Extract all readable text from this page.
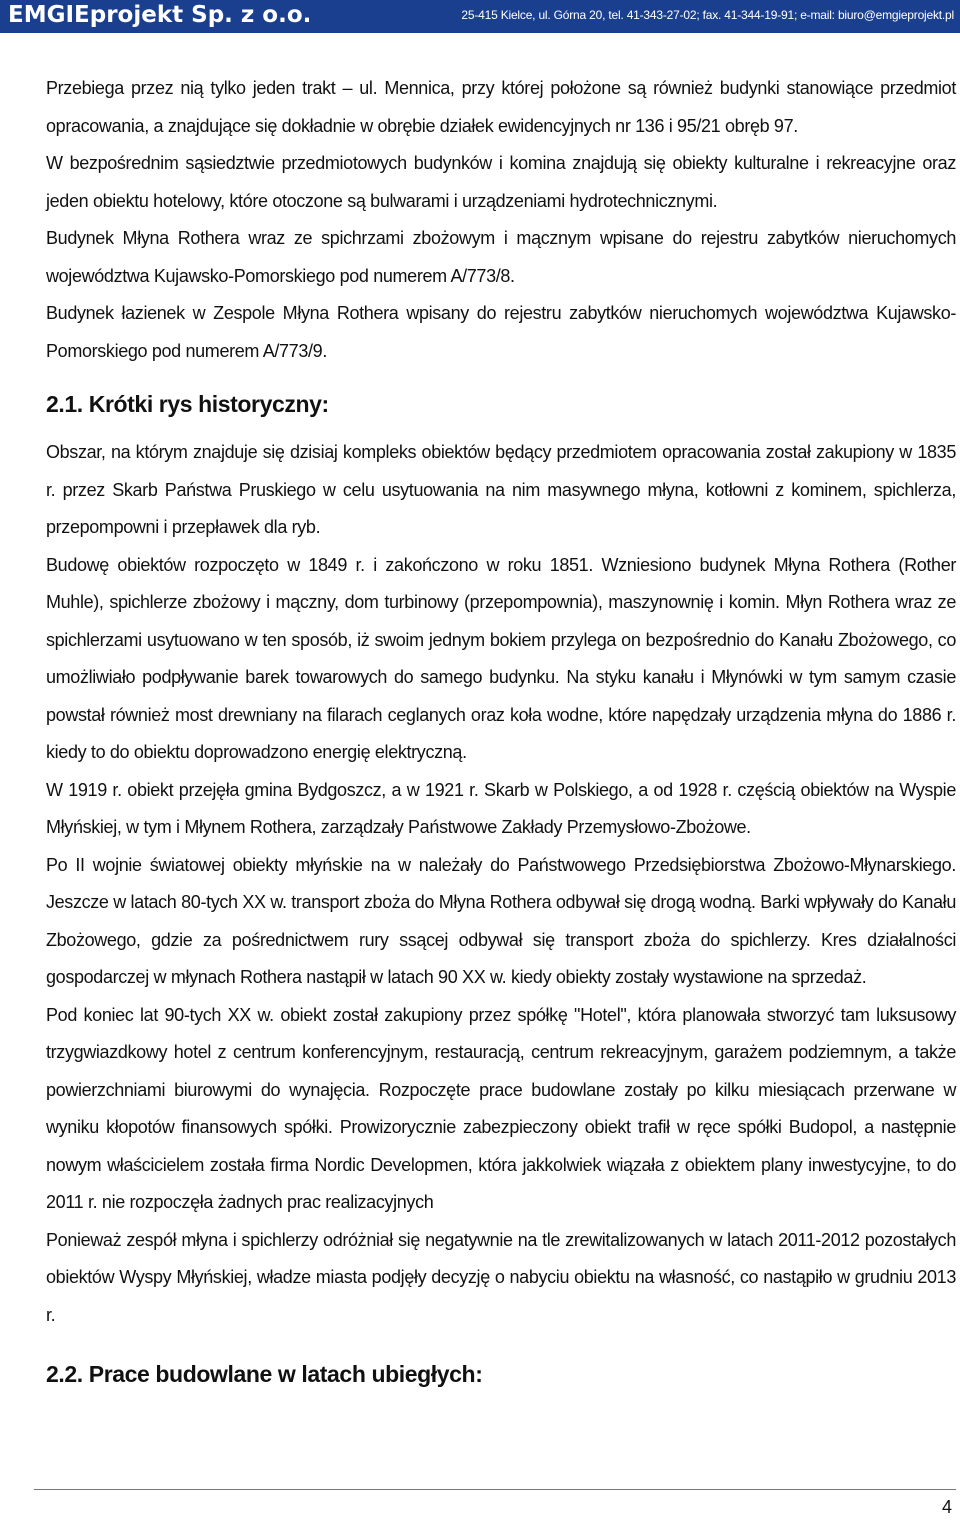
EMGIEprojekt Sp. z o.o.	25-415 Kielce, ul. Górna 20, tel. 41-343-27-02; fax. 41-344-19-91; e-mail: biuro@emgieprojekt.pl

Przebiega przez nią tylko jeden trakt – ul. Mennica, przy której położone są również budynki stanowiące przedmiot opracowania, a znajdujące się dokładnie w obrębie działek ewidencyjnych nr 136 i 95/21 obręb 97.

W bezpośrednim sąsiedztwie przedmiotowych budynków i komina znajdują się obiekty kulturalne i rekreacyjne oraz jeden obiektu hotelowy, które otoczone są bulwarami i urządzeniami hydrotechnicznymi.

Budynek Młyna Rothera wraz ze spichrzami zbożowym i mącznym wpisane do rejestru zabytków nieruchomych województwa Kujawsko-Pomorskiego pod numerem A/773/8.

Budynek łazienek w Zespole Młyna Rothera wpisany do rejestru zabytków nieruchomych województwa Kujawsko-Pomorskiego pod numerem A/773/9.

2.1. Krótki rys historyczny:

Obszar, na którym znajduje się dzisiaj kompleks obiektów będący przedmiotem opracowania został zakupiony w 1835 r. przez Skarb Państwa Pruskiego w celu usytuowania na nim masywnego młyna, kotłowni z kominem, spichlerza, przepompowni i przepławek dla ryb.

Budowę obiektów rozpoczęto w 1849 r. i zakończono w roku 1851. Wzniesiono budynek Młyna Rothera (Rother Muhle), spichlerze zbożowy i mączny, dom turbinowy (przepompownia), maszynownię i komin. Młyn Rothera wraz ze spichlerzami usytuowano w ten sposób, iż swoim jednym bokiem przylega on bezpośrednio do Kanału Zbożowego, co umożliwiało podpływanie barek towarowych do samego budynku. Na styku kanału i Młynówki w tym samym czasie powstał również most drewniany na filarach ceglanych oraz koła wodne, które napędzały urządzenia młyna do 1886 r. kiedy to do obiektu doprowadzono energię elektryczną.

W 1919 r. obiekt przejęła gmina Bydgoszcz, a w 1921 r. Skarb w Polskiego, a od 1928 r. częścią obiektów na Wyspie Młyńskiej, w tym i Młynem Rothera, zarządzały Państwowe Zakłady Przemysłowo-Zbożowe.

Po II wojnie światowej obiekty młyńskie na w należały do Państwowego Przedsiębiorstwa Zbożowo-Młynarskiego. Jeszcze w latach 80-tych XX w. transport zboża do Młyna Rothera odbywał się drogą wodną. Barki wpływały do Kanału Zbożowego, gdzie za pośrednictwem rury ssącej odbywał się transport zboża do spichlerzy. Kres działalności gospodarczej w młynach Rothera nastąpił w latach 90 XX w. kiedy obiekty zostały wystawione na sprzedaż.

Pod koniec lat 90-tych XX w. obiekt został zakupiony przez spółkę "Hotel", która planowała stworzyć tam luksusowy trzygwiazdkowy hotel z centrum konferencyjnym, restauracją, centrum rekreacyjnym, garażem podziemnym, a także powierzchniami biurowymi do wynajęcia. Rozpoczęte prace budowlane zostały po kilku miesiącach przerwane w wyniku kłopotów finansowych spółki. Prowizorycznie zabezpieczony obiekt trafił w ręce spółki Budopol, a następnie nowym właścicielem została firma Nordic Developmen, która jakkolwiek wiązała z obiektem plany inwestycyjne, to do 2011 r. nie rozpoczęła żadnych prac realizacyjnych

Ponieważ zespół młyna i spichlerzy odróżniał się negatywnie na tle zrewitalizowanych w latach 2011-2012 pozostałych obiektów Wyspy Młyńskiej, władze miasta podjęły decyzję o nabyciu obiektu na własność, co nastąpiło w grudniu 2013 r.

2.2. Prace budowlane w latach ubiegłych:
4
